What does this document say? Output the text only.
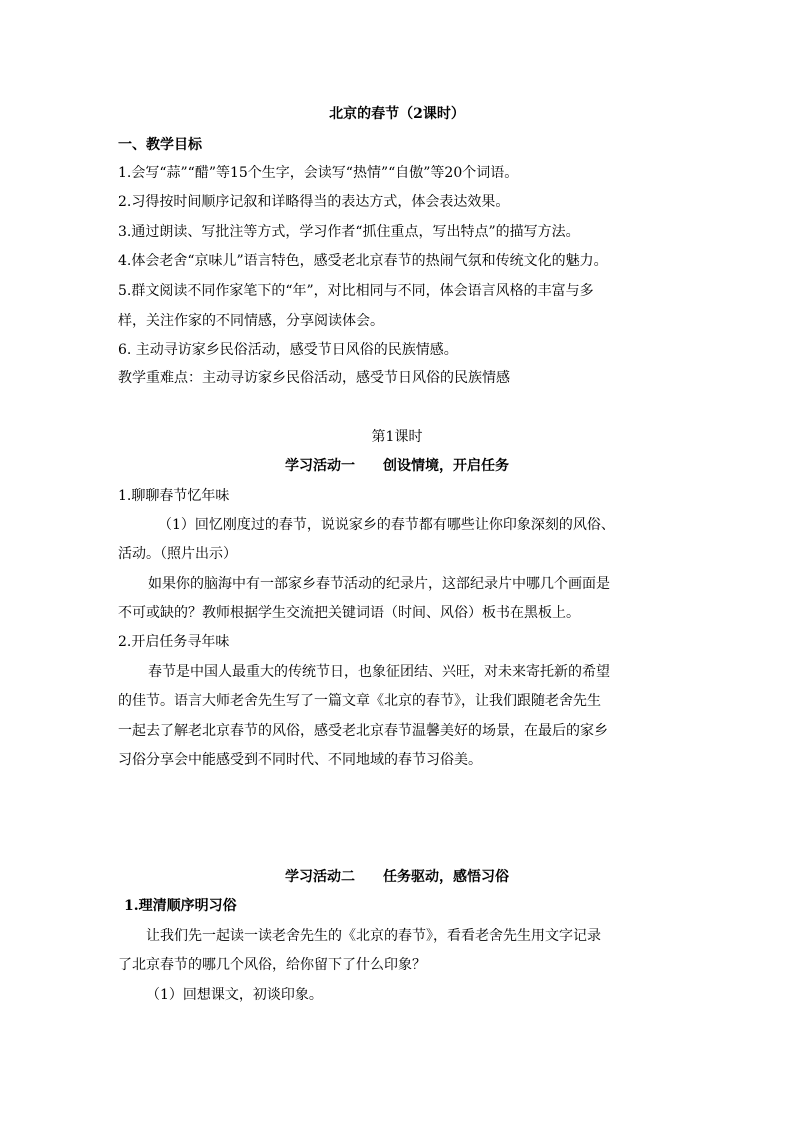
北京的春节（2课时）
一、教学目标
1.会写“蒜”“醋”等15个生字，会读写“热情”“自傲”等20个词语。
2.习得按时间顺序记叙和详略得当的表达方式，体会表达效果。
3.通过朗读、写批注等方式，学习作者“抓住重点，写出特点”的描写方法。
4.体会老舍“京味儿”语言特色，感受老北京春节的热闹气氛和传统文化的魅力。
5.群文阅读不同作家笔下的“年”，对比相同与不同，体会语言风格的丰富与多
样，关注作家的不同情感，分享阅读体会。
6. 主动寻访家乡民俗活动，感受节日风俗的民族情感。
教学重难点：主动寻访家乡民俗活动，感受节日风俗的民族情感
第1课时
学习活动一 创设情境，开启任务
1.聊聊春节忆年味
（1）回忆刚度过的春节，说说家乡的春节都有哪些让你印象深刻的风俗、
活动。（照片出示）
如果你的脑海中有一部家乡春节活动的纪录片，这部纪录片中哪几个画面是
不可或缺的？教师根据学生交流把关键词语（时间、风俗）板书在黑板上。
2.开启任务寻年味
春节是中国人最重大的传统节日，也象征团结、兴旺，对未来寄托新的希望
的佳节。语言大师老舍先生写了一篇文章《北京的春节》，让我们跟随老舍先生
一起去了解老北京春节的风俗，感受老北京春节温馨美好的场景，在最后的家乡
习俗分享会中能感受到不同时代、不同地域的春节习俗美。
学习活动二 任务驱动，感悟习俗
1.理清顺序明习俗
让我们先一起读一读老舍先生的《北京的春节》，看看老舍先生用文字记录
了北京春节的哪几个风俗，给你留下了什么印象？
（1）回想课文，初谈印象。
